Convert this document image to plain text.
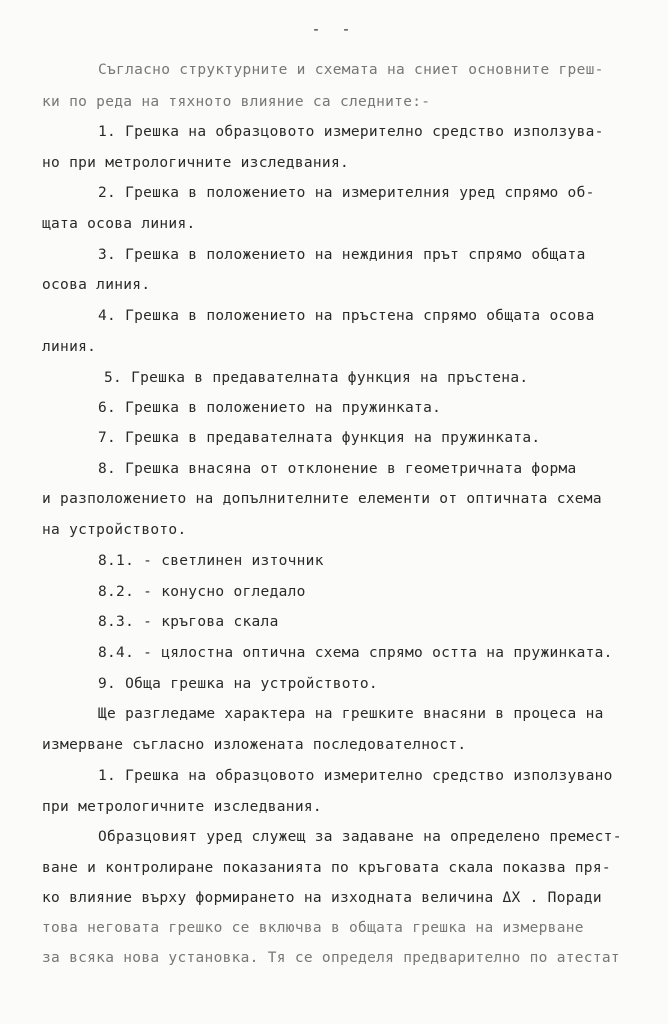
- -
Съгласно структурните и схемата на сниет основните греш-
ки по реда на тяхното влияние са следните:-
1. Грешка на образцовото измерително средство използува-
но при метрологичните изследвания.
2. Грешка в положението на измерителния уред спрямо об-
щата осова линия.
3. Грешка в положението на неждиния прът спрямо общата
осова линия.
4. Грешка в положението на пръстена спрямо общата осова
линия.
5. Грешка в предавателната функция на пръстена.
6. Грешка в положението на пружинката.
7. Грешка в предавателната функция на пружинката.
8. Грешка внасяна от отклонение в геометричната форма
и разположението на допълнителните елементи от оптичната схема
на устройството.
8.1. - светлинен източник
8.2. - конусно огледало
8.3. - кръгова скала
8.4. - цялостна оптична схема спрямо остта на пружинката.
9. Обща грешка на устройството.
Ще разгледаме характера на грешките внасяни в процеса на
измерване съгласно изложената последователност.
1. Грешка на образцовото измерително средство използувано
при метрологичните изследвания.
Образцовият уред служещ за задаване на определено премест-
ване и контролиране показанията по кръговата скала показва пря-
ко влияние върху формирането на изходната величина ΔX . Поради
това неговата грешко се включва в общата грешка на измерване
за всяка нова установка. Тя се определя предварително по атестат
